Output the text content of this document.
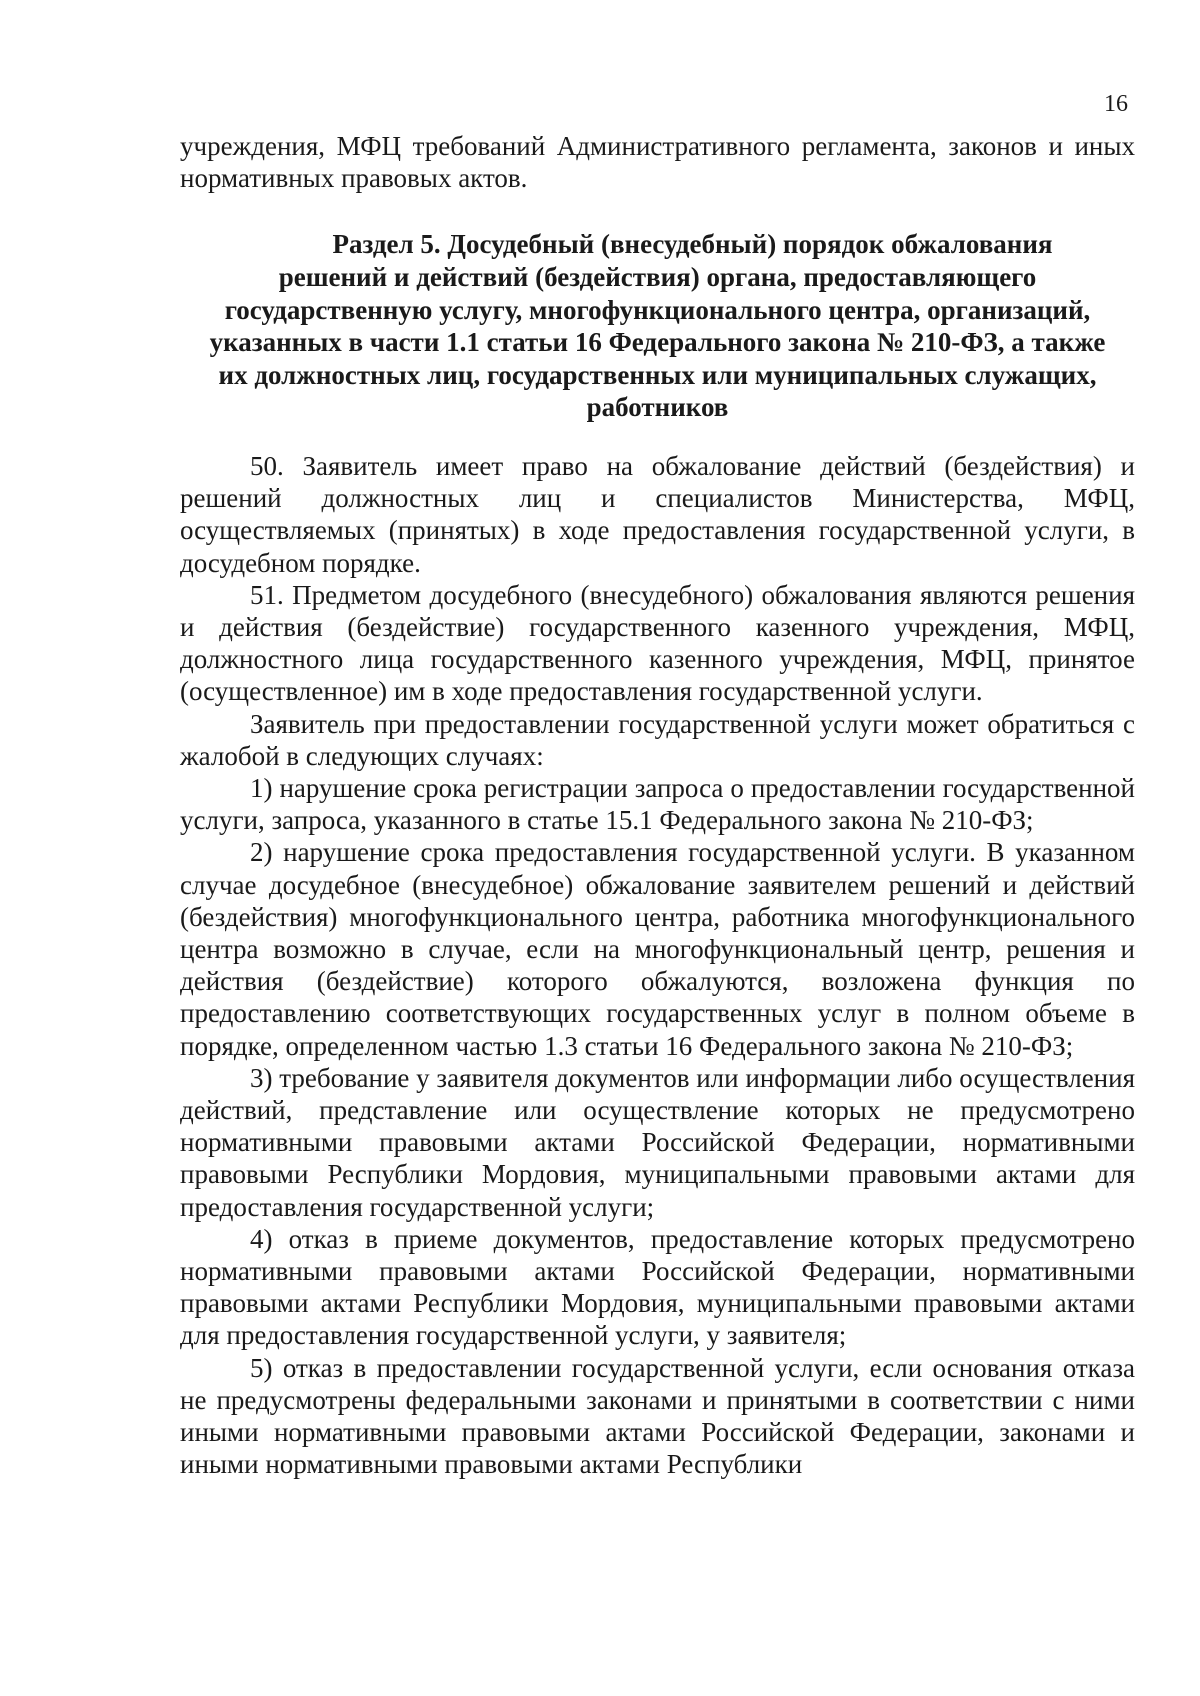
16

учреждения, МФЦ требований Административного регламента, законов и иных нормативных правовых актов.

Раздел 5. Досудебный (внесудебный) порядок обжалования
решений и действий (бездействия) органа, предоставляющего
государственную услугу, многофункционального центра, организаций,
указанных в части 1.1 статьи 16 Федерального закона № 210-ФЗ, а также
их должностных лиц, государственных или муниципальных служащих,
работников

50. Заявитель имеет право на обжалование действий (бездействия) и решений должностных лиц и специалистов Министерства, МФЦ, осуществляемых (принятых) в ходе предоставления государственной услуги, в досудебном порядке.

51. Предметом досудебного (внесудебного) обжалования являются решения и действия (бездействие) государственного казенного учреждения, МФЦ, должностного лица государственного казенного учреждения, МФЦ, принятое (осуществленное) им в ходе предоставления государственной услуги.

Заявитель при предоставлении государственной услуги может обратиться с жалобой в следующих случаях:

1) нарушение срока регистрации запроса о предоставлении государственной услуги, запроса, указанного в статье 15.1 Федерального закона № 210-ФЗ;

2) нарушение срока предоставления государственной услуги. В указанном случае досудебное (внесудебное) обжалование заявителем решений и действий (бездействия) многофункционального центра, работника многофункционального центра возможно в случае, если на многофункциональный центр, решения и действия (бездействие) которого обжалуются, возложена функция по предоставлению соответствующих государственных услуг в полном объеме в порядке, определенном частью 1.3 статьи 16 Федерального закона № 210-ФЗ;

3) требование у заявителя документов или информации либо осуществления действий, представление или осуществление которых не предусмотрено нормативными правовыми актами Российской Федерации, нормативными правовыми Республики Мордовия, муниципальными правовыми актами для предоставления государственной услуги;

4) отказ в приеме документов, предоставление которых предусмотрено нормативными правовыми актами Российской Федерации, нормативными правовыми актами Республики Мордовия, муниципальными правовыми актами для предоставления государственной услуги, у заявителя;

5) отказ в предоставлении государственной услуги, если основания отказа не предусмотрены федеральными законами и принятыми в соответствии с ними иными нормативными правовыми актами Российской Федерации, законами и иными нормативными правовыми актами Республики
